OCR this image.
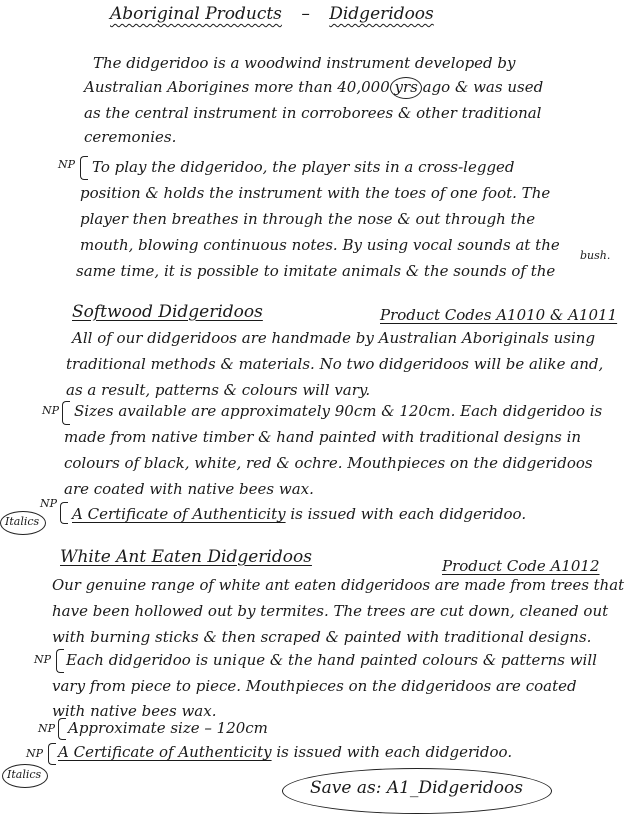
Aboriginal Products – Didgeridoos
The didgeridoo is a woodwind instrument developed by
Australian Aborigines more than 40,000 yrs ago & was used
as the central instrument in corroborees & other traditional
ceremonies.
NP To play the didgeridoo, the player sits in a cross-legged
position & holds the instrument with the toes of one foot. The
player then breathes in through the nose & out through the
mouth, blowing continuous notes. By using vocal sounds at the
bush.
same time, it is possible to imitate animals & the sounds of the
Softwood Didgeridoos	Product Codes A1010 & A1011
All of our didgeridoos are handmade by Australian Aboriginals using
traditional methods & materials. No two didgeridoos will be alike and,
as a result, patterns & colours will vary.
NP Sizes available are approximately 90cm & 120cm. Each didgeridoo is
made from native timber & hand painted with traditional designs in
colours of black, white, red & ochre. Mouthpieces on the didgeridoos
are coated with native bees wax.
NP
Italics A Certificate of Authenticity is issued with each didgeridoo.
White Ant Eaten Didgeridoos	Product Code A1012
Our genuine range of white ant eaten didgeridoos are made from trees that
have been hollowed out by termites. The trees are cut down, cleaned out
with burning sticks & then scraped & painted with traditional designs.
NP Each didgeridoo is unique & the hand painted colours & patterns will
vary from piece to piece. Mouthpieces on the didgeridoos are coated
with native bees wax.
NP Approximate size – 120cm
NP
Italics
A Certificate of Authenticity is issued with each didgeridoo.
Save as: A1_Didgeridoos
